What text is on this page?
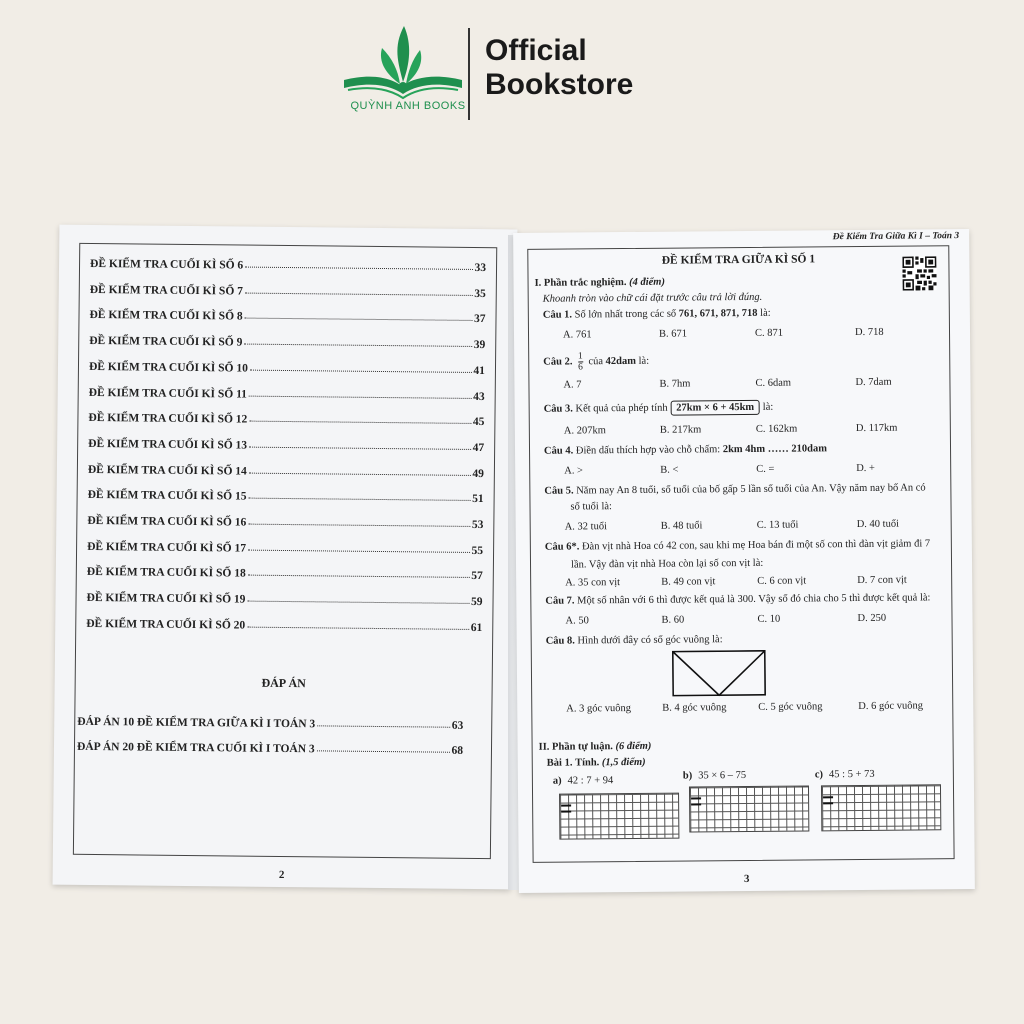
QUỲNH ANH BOOKS
Official
Bookstore
ĐỀ KIỂM TRA CUỐI KÌ SỐ 6	33
ĐỀ KIỂM TRA CUỐI KÌ SỐ 7	35
ĐỀ KIỂM TRA CUỐI KÌ SỐ 8	37
ĐỀ KIỂM TRA CUỐI KÌ SỐ 9	39
ĐỀ KIỂM TRA CUỐI KÌ SỐ 10	41
ĐỀ KIỂM TRA CUỐI KÌ SỐ 11	43
ĐỀ KIỂM TRA CUỐI KÌ SỐ 12	45
ĐỀ KIỂM TRA CUỐI KÌ SỐ 13	47
ĐỀ KIỂM TRA CUỐI KÌ SỐ 14	49
ĐỀ KIỂM TRA CUỐI KÌ SỐ 15	51
ĐỀ KIỂM TRA CUỐI KÌ SỐ 16	53
ĐỀ KIỂM TRA CUỐI KÌ SỐ 17	55
ĐỀ KIỂM TRA CUỐI KÌ SỐ 18	57
ĐỀ KIỂM TRA CUỐI KÌ SỐ 19	59
ĐỀ KIỂM TRA CUỐI KÌ SỐ 20	61
ĐÁP ÁN
ĐÁP ÁN 10 ĐỀ KIỂM TRA GIỮA KÌ I TOÁN 3	63
ĐÁP ÁN 20 ĐỀ KIỂM TRA CUỐI KÌ I TOÁN 3	68
2
Đề Kiểm Tra Giữa Kì I – Toán 3
ĐỀ KIỂM TRA GIỮA KÌ SỐ 1
I. Phần trắc nghiệm. (4 điểm)
Khoanh tròn vào chữ cái đặt trước câu trả lời đúng.
Câu 1. Số lớn nhất trong các số 761, 671, 871, 718 là:
A. 761	B. 671	C. 871	D. 718
Câu 2. $\frac{1}{6}$ của 42dam là:
A. 7	B. 7hm	C. 6dam	D. 7dam
Câu 3. Kết quả của phép tính 27km × 6 + 45km là:
A. 207km	B. 217km	C. 162km	D. 117km
Câu 4. Điền dấu thích hợp vào chỗ chấm: 2km 4hm …… 210dam
A. >	B. <	C. =	D. +
Câu 5. Năm nay An 8 tuổi, số tuổi của bố gấp 5 lần số tuổi của An. Vậy năm nay bố An có
số tuổi là:
A. 32 tuổi	B. 48 tuổi	C. 13 tuổi	D. 40 tuổi
Câu 6*. Đàn vịt nhà Hoa có 42 con, sau khi mẹ Hoa bán đi một số con thì đàn vịt giảm đi 7
lần. Vậy đàn vịt nhà Hoa còn lại số con vịt là:
A. 35 con vịt	B. 49 con vịt	C. 6 con vịt	D. 7 con vịt
Câu 7. Một số nhân với 6 thì được kết quả là 300. Vậy số đó chia cho 5 thì được kết quả là:
A. 50	B. 60	C. 10	D. 250
Câu 8. Hình dưới đây có số góc vuông là:
A. 3 góc vuông	B. 4 góc vuông	C. 5 góc vuông	D. 6 góc vuông
II. Phần tự luận. (6 điểm)
Bài 1. Tính. (1,5 điểm)
a) 42 : 7 + 94	b) 35 × 6 – 75	c) 45 : 5 + 73
3
